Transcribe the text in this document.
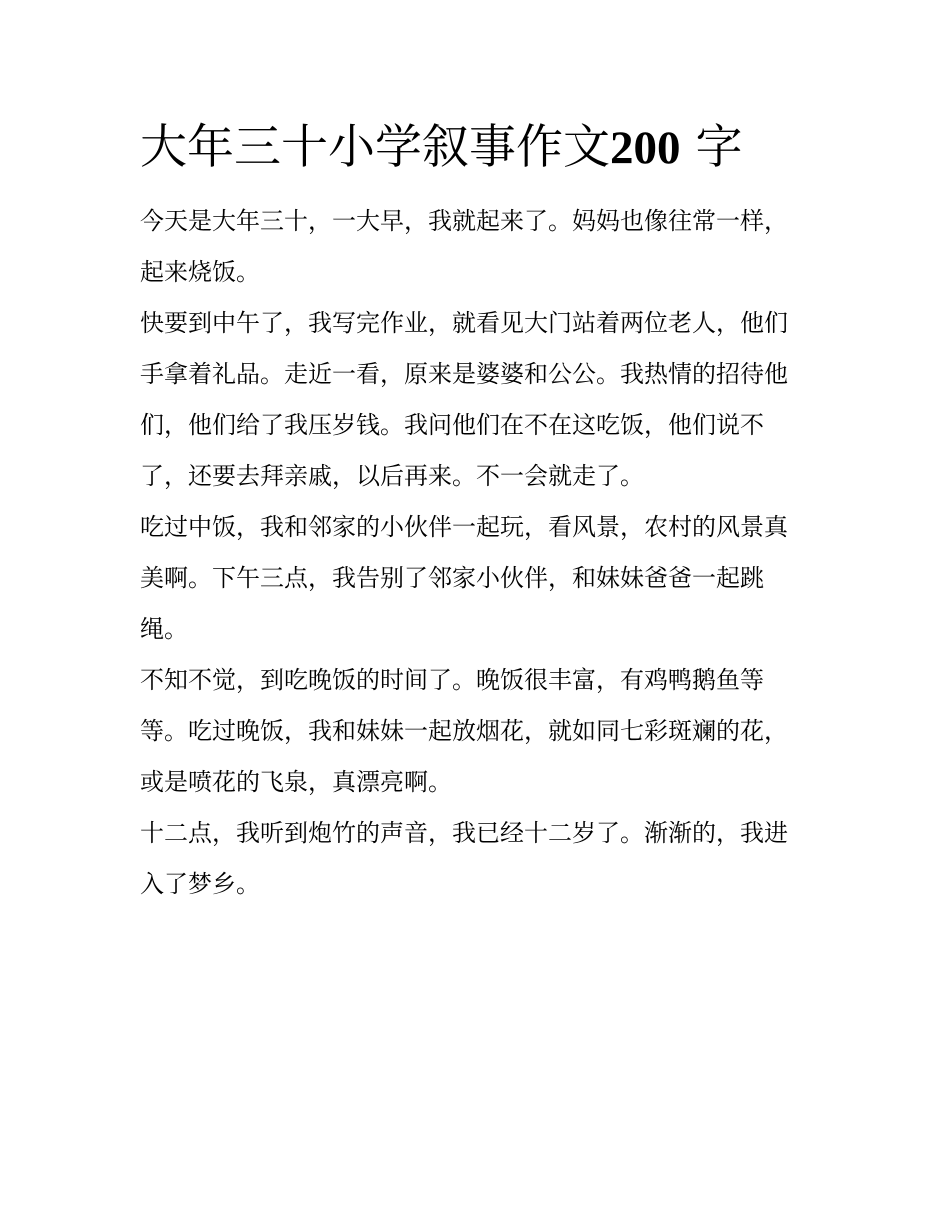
大年三十小学叙事作文200 字

今天是大年三十，一大早，我就起来了。妈妈也像往常一样，
起来烧饭。

快要到中午了，我写完作业，就看见大门站着两位老人，他们
手拿着礼品。走近一看，原来是婆婆和公公。我热情的招待他
们，他们给了我压岁钱。我问他们在不在这吃饭，他们说不
了，还要去拜亲戚，以后再来。不一会就走了。

吃过中饭，我和邻家的小伙伴一起玩，看风景，农村的风景真
美啊。下午三点，我告别了邻家小伙伴，和妹妹爸爸一起跳
绳。

不知不觉，到吃晚饭的时间了。晚饭很丰富，有鸡鸭鹅鱼等
等。吃过晚饭，我和妹妹一起放烟花，就如同七彩斑斓的花，
或是喷花的飞泉，真漂亮啊。

十二点，我听到炮竹的声音，我已经十二岁了。渐渐的，我进
入了梦乡。
